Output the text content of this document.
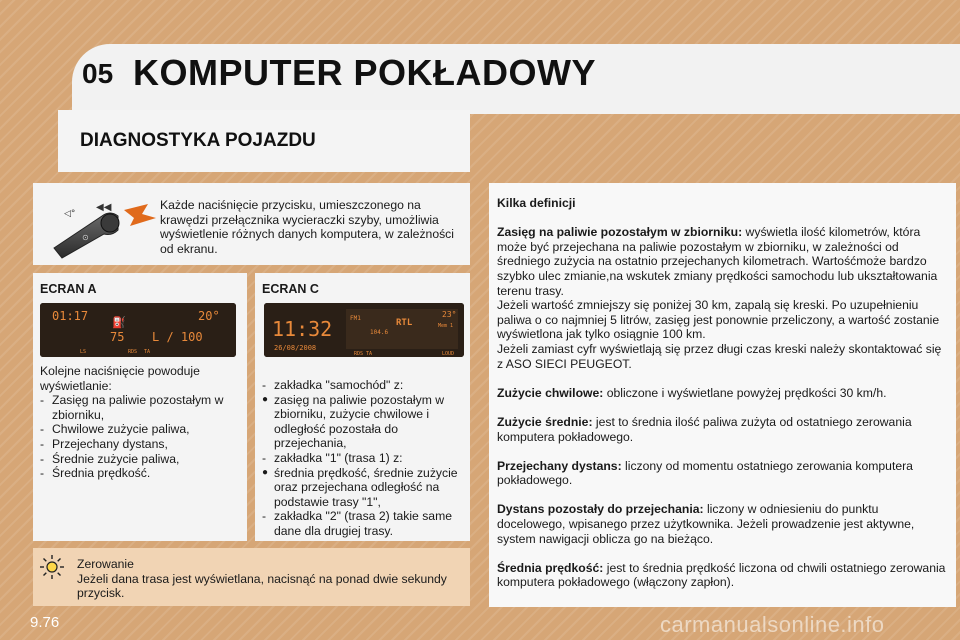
05 KOMPUTER POKŁADOWY
DIAGNOSTYKA POJAZDU
◁°
⊙
◀◀	Każde naciśnięcie przycisku, umieszczonego na krawędzi przełącznika wycieraczki szyby, umożliwia wyświetlenie różnych danych komputera, w zależności od ekranu.
ECRAN A
01:17	20°
⛽
75 L / 100
LS	RDS TA
Kolejne naciśnięcie powoduje wyświetlanie:
- Zasięg na paliwie pozostałym w zbiorniku,
- Chwilowe zużycie paliwa,
- Przejechany dystans,
- Średnie zużycie paliwa,
- Średnia prędkość.
ECRAN C
11:32
26/08/2008
FM1
104.6
RTL
23°
Mem 1
RDS TA	LOUD
- zakładka "samochód" z:
● zasięg na paliwie pozostałym w zbiorniku, zużycie chwilowe i odległość pozostała do przejechania,
- zakładka "1" (trasa 1) z:
● średnia prędkość, średnie zużycie oraz przejechana odległość na podstawie trasy "1",
- zakładka "2" (trasa 2) takie same dane dla drugiej trasy.
Zerowanie
Jeżeli dana trasa jest wyświetlana, nacisnąć na ponad dwie sekundy przycisk.

Kilka definicji

Zasięg na paliwie pozostałym w zbiorniku: wyświetla ilość kilometrów, która może być przejechana na paliwie pozostałym w zbiorniku, w zależności od średniego zużycia na ostatnio przejechanych kilometrach. Wartośćmoże bardzo szybko ulec zmianie,na wskutek zmiany prędkości samochodu lub ukształtowania terenu trasy.
Jeżeli wartość zmniejszy się poniżej 30 km, zapalą się kreski. Po uzupełnieniu paliwa o co najmniej 5 litrów, zasięg jest ponownie przeliczony, a wartość zostanie wyświetlona jak tylko osiągnie 100 km.
Jeżeli zamiast cyfr wyświetlają się przez długi czas kreski należy skontaktować się z ASO SIECI PEUGEOT.

Zużycie chwilowe: obliczone i wyświetlane powyżej prędkości 30 km/h.

Zużycie średnie: jest to średnia ilość paliwa zużyta od ostatniego zerowania komputera pokładowego.

Przejechany dystans: liczony od momentu ostatniego zerowania komputera pokładowego.

Dystans pozostały do przejechania: liczony w odniesieniu do punktu docelowego, wpisanego przez użytkownika. Jeżeli prowadzenie jest aktywne, system nawigacji oblicza go na bieżąco.

Średnia prędkość: jest to średnia prędkość liczona od chwili ostatniego zerowania komputera pokładowego (włączony zapłon).

9.76	carmanualsonline.info
